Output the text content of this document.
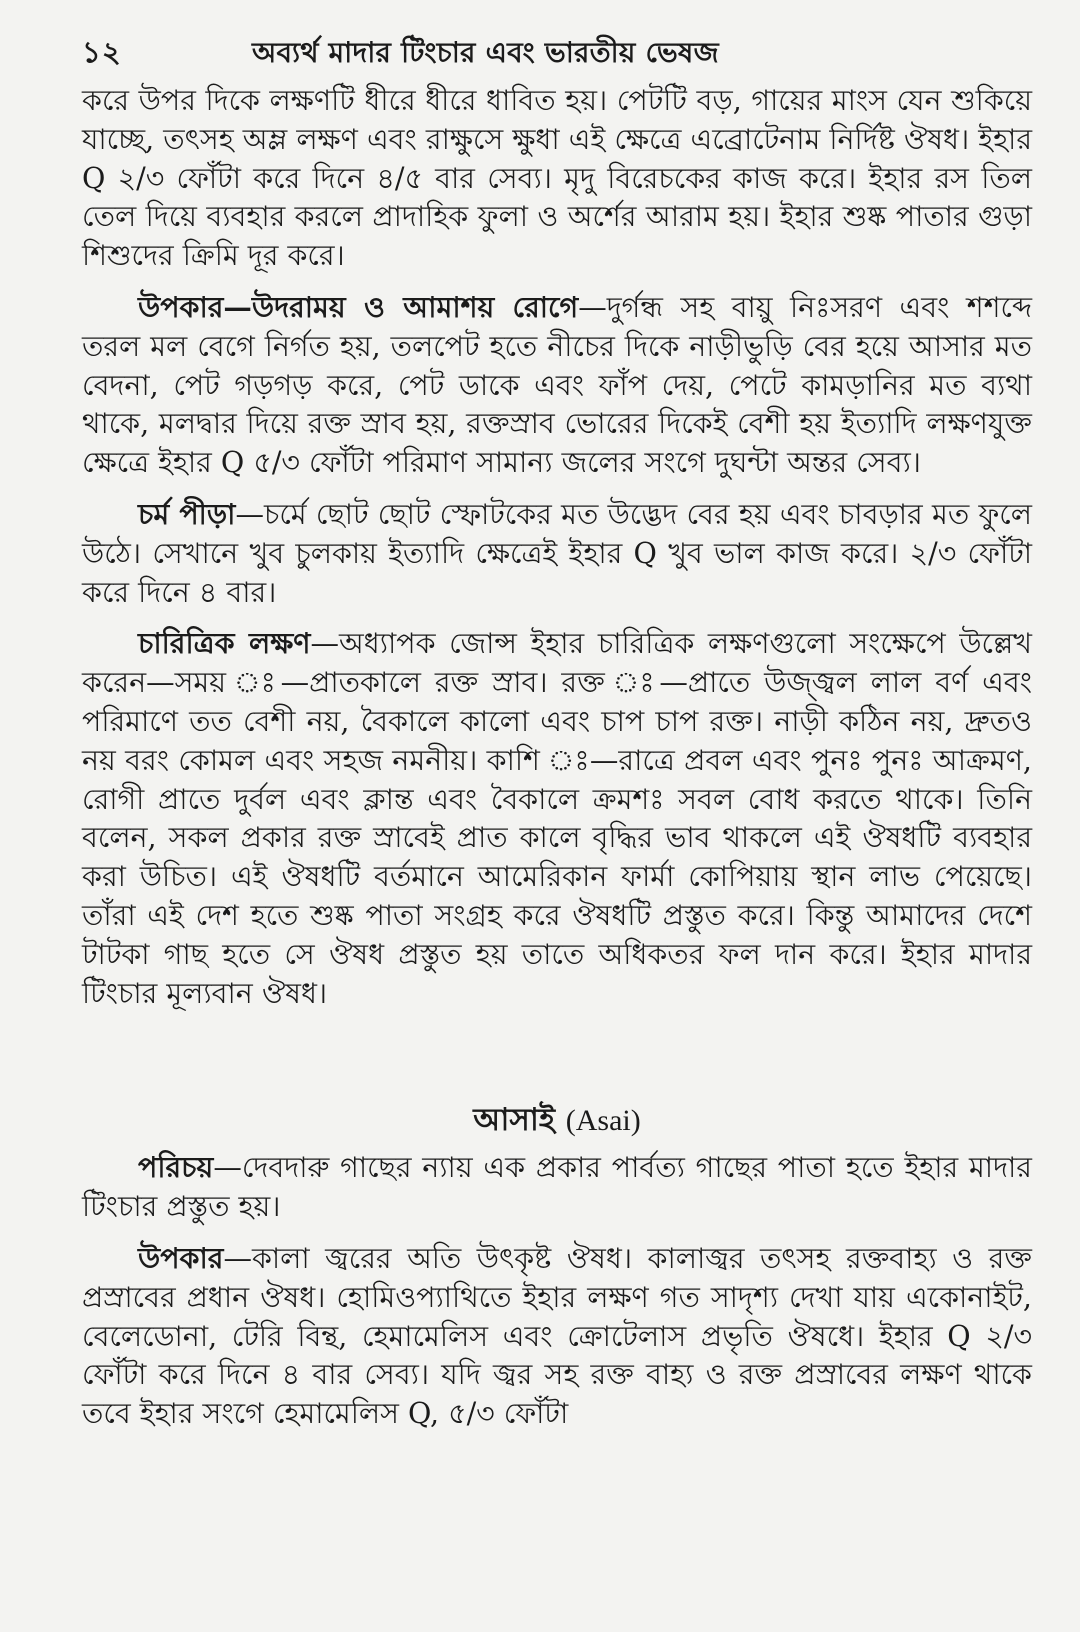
১২	অব্যর্থ মাদার টিংচার এবং ভারতীয় ভেষজ

করে উপর দিকে লক্ষণটি ধীরে ধীরে ধাবিত হয়। পেটটি বড়, গায়ের মাংস যেন শুকিয়ে যাচ্ছে, তৎসহ অম্ল লক্ষণ এবং রাক্ষুসে ক্ষুধা এই ক্ষেত্রে এব্রোটেনাম নির্দিষ্ট ঔষধ। ইহার Q ২/৩ ফোঁটা করে দিনে ৪/৫ বার সেব্য। মৃদু বিরেচকের কাজ করে। ইহার রস তিল তেল দিয়ে ব্যবহার করলে প্রাদাহিক ফুলা ও অর্শের আরাম হয়। ইহার শুষ্ক পাতার গুড়া শিশুদের ক্রিমি দূর করে।

উপকার—উদরাময় ও আমাশয় রোগে—দুর্গন্ধ সহ বায়ু নিঃসরণ এবং শশব্দে তরল মল বেগে নির্গত হয়, তলপেট হতে নীচের দিকে নাড়ীভুড়ি বের হয়ে আসার মত বেদনা, পেট গড়গড় করে, পেট ডাকে এবং ফাঁপ দেয়, পেটে কামড়ানির মত ব্যথা থাকে, মলদ্বার দিয়ে রক্ত স্রাব হয়, রক্তস্রাব ভোরের দিকেই বেশী হয় ইত্যাদি লক্ষণযুক্ত ক্ষেত্রে ইহার Q ৫/৩ ফোঁটা পরিমাণ সামান্য জলের সংগে দুঘন্টা অন্তর সেব্য।

চর্ম পীড়া—চর্মে ছোট ছোট স্ফোটকের মত উদ্ভেদ বের হয় এবং চাবড়ার মত ফুলে উঠে। সেখানে খুব চুলকায় ইত্যাদি ক্ষেত্রেই ইহার Q খুব ভাল কাজ করে। ২/৩ ফোঁটা করে দিনে ৪ বার।

চারিত্রিক লক্ষণ—অধ্যাপক জোন্স ইহার চারিত্রিক লক্ষণগুলো সংক্ষেপে উল্লেখ করেন—সময় ঃ—প্রাতকালে রক্ত স্রাব। রক্ত ঃ—প্রাতে উজ্জ্বল লাল বর্ণ এবং পরিমাণে তত বেশী নয়, বৈকালে কালো এবং চাপ চাপ রক্ত। নাড়ী কঠিন নয়, দ্রুতও নয় বরং কোমল এবং সহজ নমনীয়। কাশি ঃ—রাত্রে প্রবল এবং পুনঃ পুনঃ আক্রমণ, রোগী প্রাতে দুর্বল এবং ক্লান্ত এবং বৈকালে ক্রমশঃ সবল বোধ করতে থাকে। তিনি বলেন, সকল প্রকার রক্ত স্রাবেই প্রাত কালে বৃদ্ধির ভাব থাকলে এই ঔষধটি ব্যবহার করা উচিত। এই ঔষধটি বর্তমানে আমেরিকান ফার্মা কোপিয়ায় স্থান লাভ পেয়েছে। তাঁরা এই দেশ হতে শুষ্ক পাতা সংগ্রহ করে ঔষধটি প্রস্তুত করে। কিন্তু আমাদের দেশে টাটকা গাছ হতে সে ঔষধ প্রস্তুত হয় তাতে অধিকতর ফল দান করে। ইহার মাদার টিংচার মূল্যবান ঔষধ।

আসাই (Asai)

পরিচয়—দেবদারু গাছের ন্যায় এক প্রকার পার্বত্য গাছের পাতা হতে ইহার মাদার টিংচার প্রস্তুত হয়।

উপকার—কালা জ্বরের অতি উৎকৃষ্ট ঔষধ। কালাজ্বর তৎসহ রক্তবাহ্য ও রক্ত প্রস্রাবের প্রধান ঔষধ। হোমিওপ্যাথিতে ইহার লক্ষণ গত সাদৃশ্য দেখা যায় একোনাইট, বেলেডোনা, টেরি বিন্থ, হেমামেলিস এবং ক্রোটেলাস প্রভৃতি ঔষধে। ইহার Q ২/৩ ফোঁটা করে দিনে ৪ বার সেব্য। যদি জ্বর সহ রক্ত বাহ্য ও রক্ত প্রস্রাবের লক্ষণ থাকে তবে ইহার সংগে হেমামেলিস Q, ৫/৩ ফোঁটা
